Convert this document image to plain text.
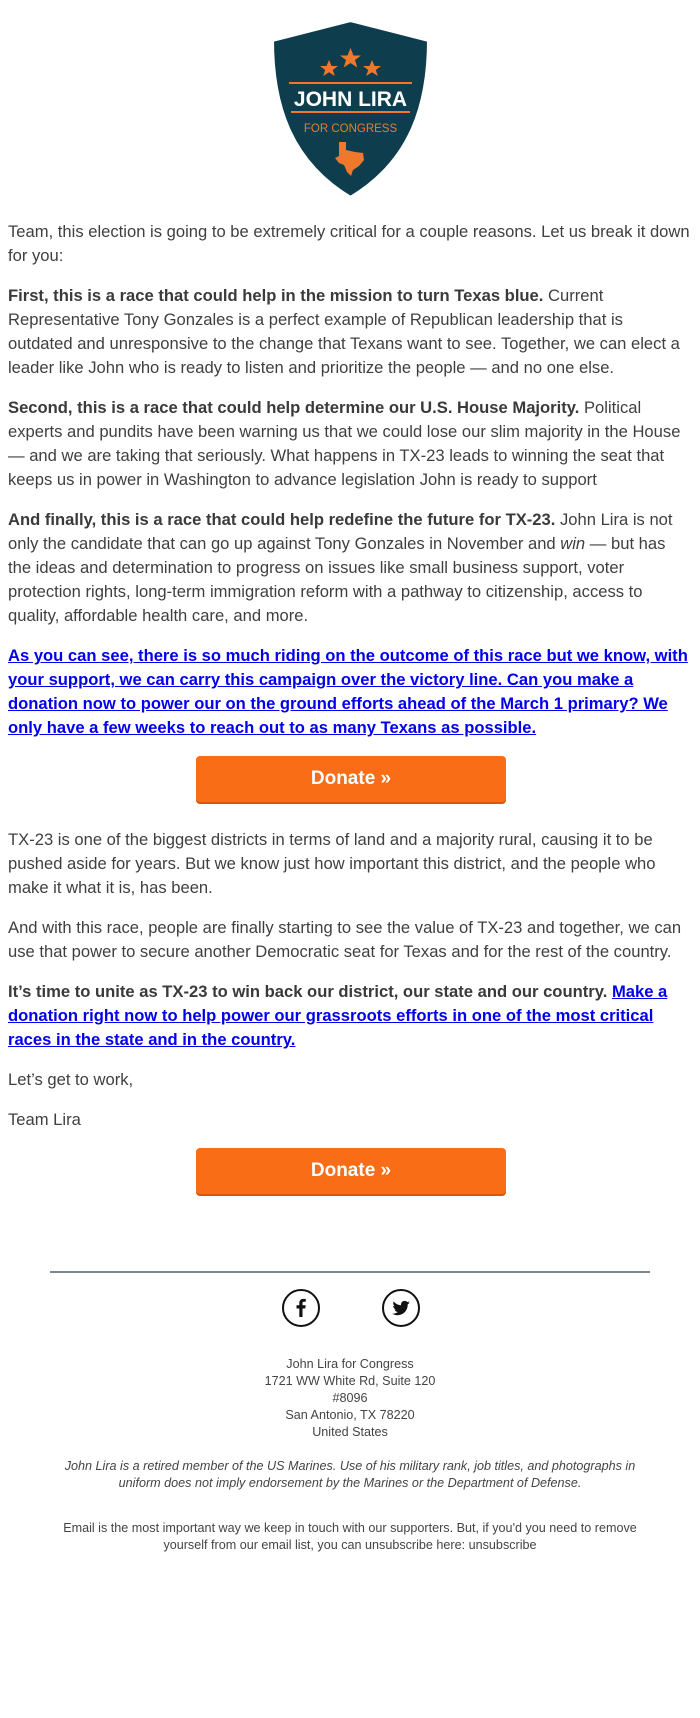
JOHN LIRA
FOR CONGRESS

Team, this election is going to be extremely critical for a couple reasons. Let us break it down for you:

First, this is a race that could help in the mission to turn Texas blue. Current Representative Tony Gonzales is a perfect example of Republican leadership that is outdated and unresponsive to the change that Texans want to see. Together, we can elect a leader like John who is ready to listen and prioritize the people — and no one else.

Second, this is a race that could help determine our U.S. House Majority. Political experts and pundits have been warning us that we could lose our slim majority in the House — and we are taking that seriously. What happens in TX-23 leads to winning the seat that keeps us in power in Washington to advance legislation John is ready to support

And finally, this is a race that could help redefine the future for TX-23. John Lira is not only the candidate that can go up against Tony Gonzales in November and win — but has the ideas and determination to progress on issues like small business support, voter protection rights, long-term immigration reform with a pathway to citizenship, access to quality, affordable health care, and more.

As you can see, there is so much riding on the outcome of this race but we know, with your support, we can carry this campaign over the victory line. Can you make a donation now to power our on the ground efforts ahead of the March 1 primary? We only have a few weeks to reach out to as many Texans as possible.

Donate »

TX-23 is one of the biggest districts in terms of land and a majority rural, causing it to be pushed aside for years. But we know just how important this district, and the people who make it what it is, has been.

And with this race, people are finally starting to see the value of TX-23 and together, we can use that power to secure another Democratic seat for Texas and for the rest of the country.

It’s time to unite as TX-23 to win back our district, our state and our country. Make a donation right now to help power our grassroots efforts in one of the most critical races in the state and in the country.

Let’s get to work,

Team Lira

Donate »
John Lira for Congress
1721 WW White Rd, Suite 120
#8096
San Antonio, TX 78220
United States
John Lira is a retired member of the US Marines. Use of his military rank, job titles, and photographs in uniform does not imply endorsement by the Marines or the Department of Defense.
Email is the most important way we keep in touch with our supporters. But, if you'd you need to remove yourself from our email list, you can unsubscribe here: unsubscribe
